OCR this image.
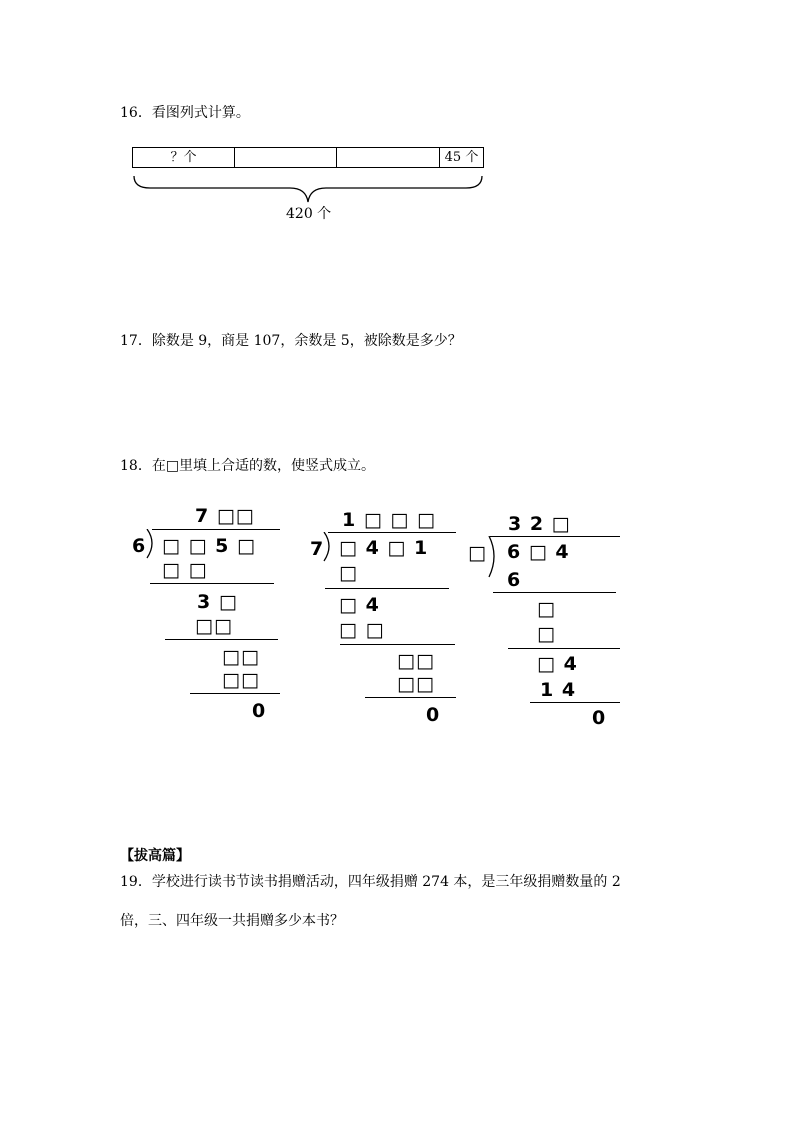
16．看图列式计算。
？个	45 个
420 个
17．除数是 9，商是 107，余数是 5，被除数是多少？
18．在□里填上合适的数，使竖式成立。
7 □□
6 □ □ 5 □
□ □
3 □
□□
□□
□□
0
1 □ □ □
7 □ 4 □ 1
□
□ 4
□ □
□□
□□
0
3 2 □
□ 6 □ 4
6
□
□
□ 4
1 4
0
【拔高篇】
19．学校进行读书节读书捐赠活动，四年级捐赠 274 本，是三年级捐赠数量的 2
倍，三、四年级一共捐赠多少本书？
